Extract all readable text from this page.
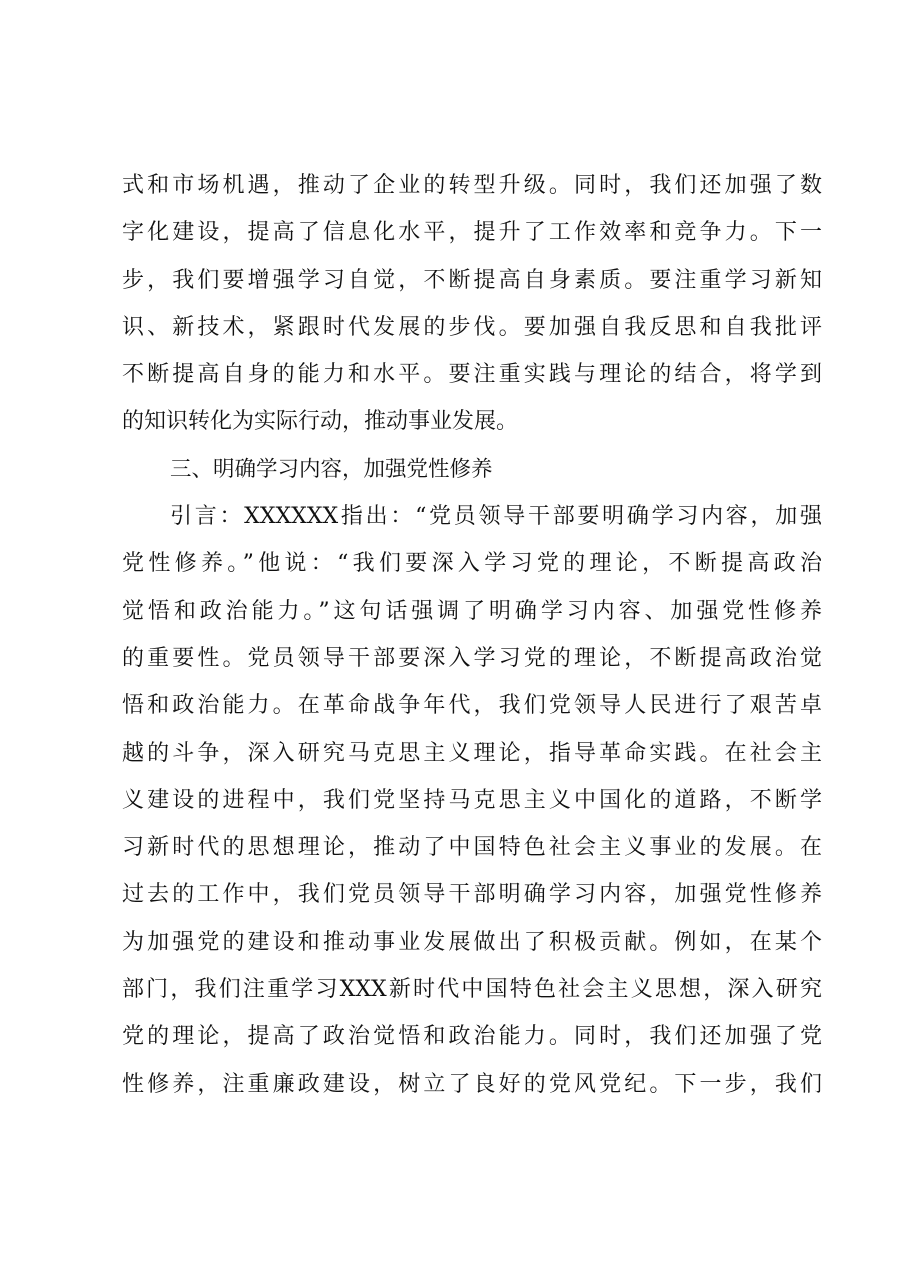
式和市场机遇，推动了企业的转型升级。同时，我们还加强了数
字化建设，提高了信息化水平，提升了工作效率和竞争力。下一
步，我们要增强学习自觉，不断提高自身素质。要注重学习新知
识、新技术，紧跟时代发展的步伐。要加强自我反思和自我批评
不断提高自身的能力和水平。要注重实践与理论的结合，将学到
的知识转化为实际行动，推动事业发展。
三、明确学习内容，加强党性修养
引言：XXXXXX指出：“党员领导干部要明确学习内容，加强
党性修养。”他说：“我们要深入学习党的理论，不断提高政治
觉悟和政治能力。”这句话强调了明确学习内容、加强党性修养
的重要性。党员领导干部要深入学习党的理论，不断提高政治觉
悟和政治能力。在革命战争年代，我们党领导人民进行了艰苦卓
越的斗争，深入研究马克思主义理论，指导革命实践。在社会主
义建设的进程中，我们党坚持马克思主义中国化的道路，不断学
习新时代的思想理论，推动了中国特色社会主义事业的发展。在
过去的工作中，我们党员领导干部明确学习内容，加强党性修养
为加强党的建设和推动事业发展做出了积极贡献。例如，在某个
部门，我们注重学习XXX新时代中国特色社会主义思想，深入研究
党的理论，提高了政治觉悟和政治能力。同时，我们还加强了党
性修养，注重廉政建设，树立了良好的党风党纪。下一步，我们
